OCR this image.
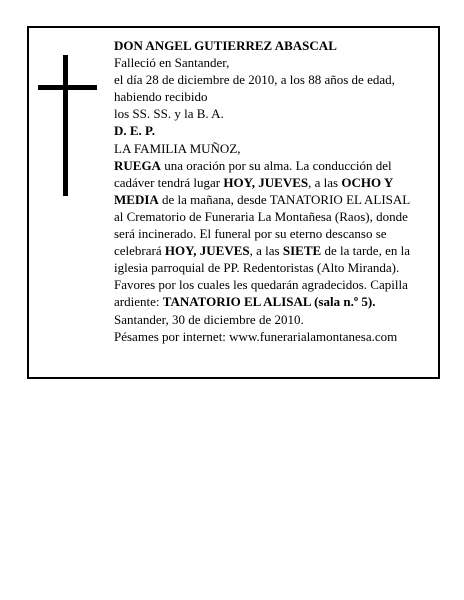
DON ANGEL GUTIERREZ ABASCAL

Falleció en Santander,

el día 28 de diciembre de 2010, a los 88 años de edad, habiendo recibido

los SS. SS. y la B. A.

D. E. P.

LA FAMILIA MUÑOZ,

RUEGA una oración por su alma. La conducción del cadáver tendrá lugar HOY, JUEVES, a las OCHO Y MEDIA de la mañana, desde TANATORIO EL ALISAL al Crematorio de Funeraria La Montañesa (Raos), donde será incinerado. El funeral por su eterno descanso se celebrará HOY, JUEVES, a las SIETE de la tarde, en la iglesia parroquial de PP. Redentoristas (Alto Miranda). Favores por los cuales les quedarán agradecidos. Capilla ardiente: TANATORIO EL ALISAL (sala n.º 5).

Santander, 30 de diciembre de 2010.

Pésames por internet: www.funerarialamontanesa.com
